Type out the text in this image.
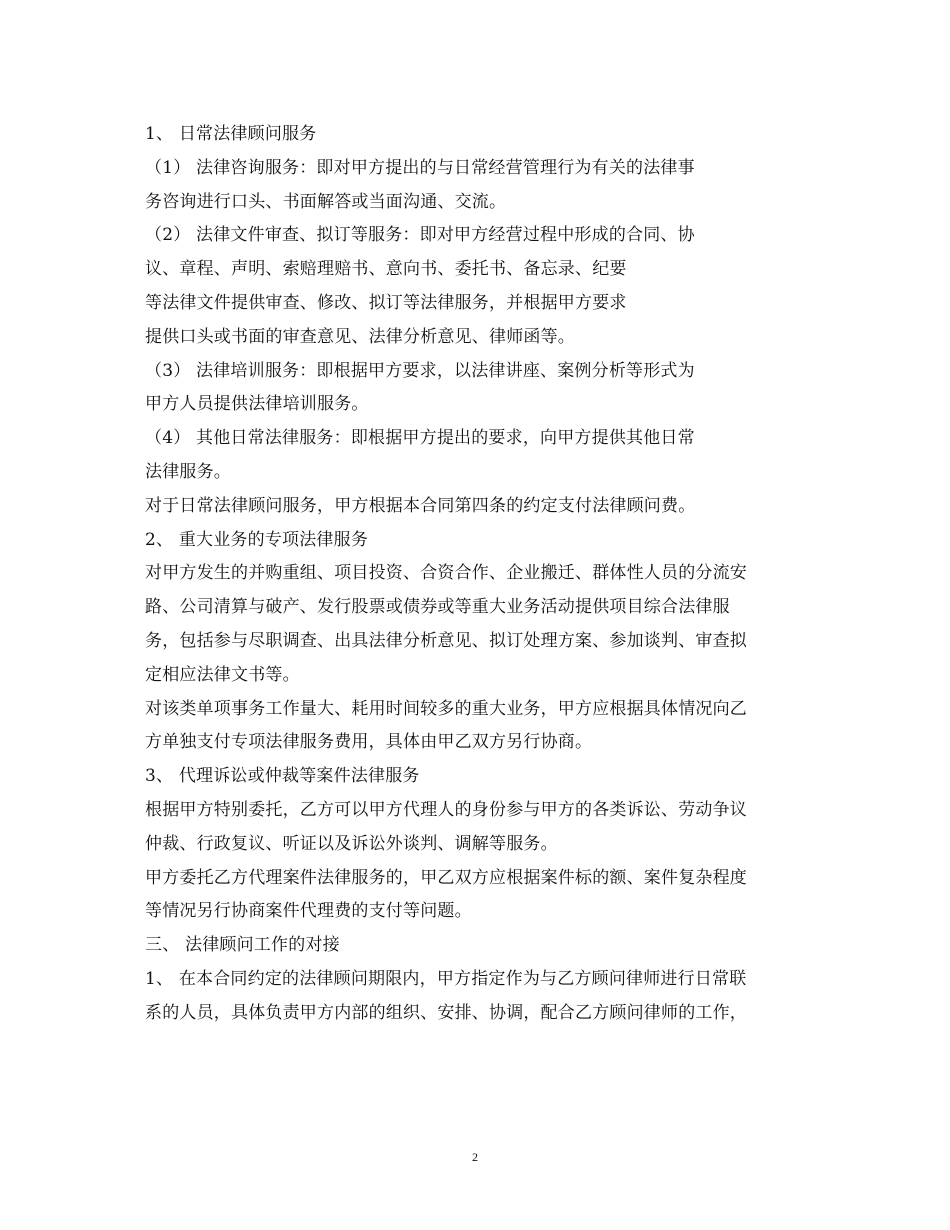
1、 日常法律顾问服务
（1） 法律咨询服务：即对甲方提出的与日常经营管理行为有关的法律事
务咨询进行口头、书面解答或当面沟通、交流。
（2） 法律文件审查、拟订等服务：即对甲方经营过程中形成的合同、协
议、章程、声明、索赔理赔书、意向书、委托书、备忘录、纪要
等法律文件提供审查、修改、拟订等法律服务，并根据甲方要求
提供口头或书面的审查意见、法律分析意见、律师函等。
（3） 法律培训服务：即根据甲方要求，以法律讲座、案例分析等形式为
甲方人员提供法律培训服务。
（4） 其他日常法律服务：即根据甲方提出的要求，向甲方提供其他日常
法律服务。
对于日常法律顾问服务，甲方根据本合同第四条的约定支付法律顾问费。
2、 重大业务的专项法律服务
对甲方发生的并购重组、项目投资、合资合作、企业搬迁、群体性人员的分流安
路、公司清算与破产、发行股票或债券或等重大业务活动提供项目综合法律服
务，包括参与尽职调查、出具法律分析意见、拟订处理方案、参加谈判、审查拟
定相应法律文书等。
对该类单项事务工作量大、耗用时间较多的重大业务，甲方应根据具体情况向乙
方单独支付专项法律服务费用，具体由甲乙双方另行协商。
3、 代理诉讼或仲裁等案件法律服务
根据甲方特别委托，乙方可以甲方代理人的身份参与甲方的各类诉讼、劳动争议
仲裁、行政复议、听证以及诉讼外谈判、调解等服务。
甲方委托乙方代理案件法律服务的，甲乙双方应根据案件标的额、案件复杂程度
等情况另行协商案件代理费的支付等问题。
三、 法律顾问工作的对接
1、 在本合同约定的法律顾问期限内，甲方指定作为与乙方顾问律师进行日常联
系的人员，具体负责甲方内部的组织、安排、协调，配合乙方顾问律师的工作，
2
